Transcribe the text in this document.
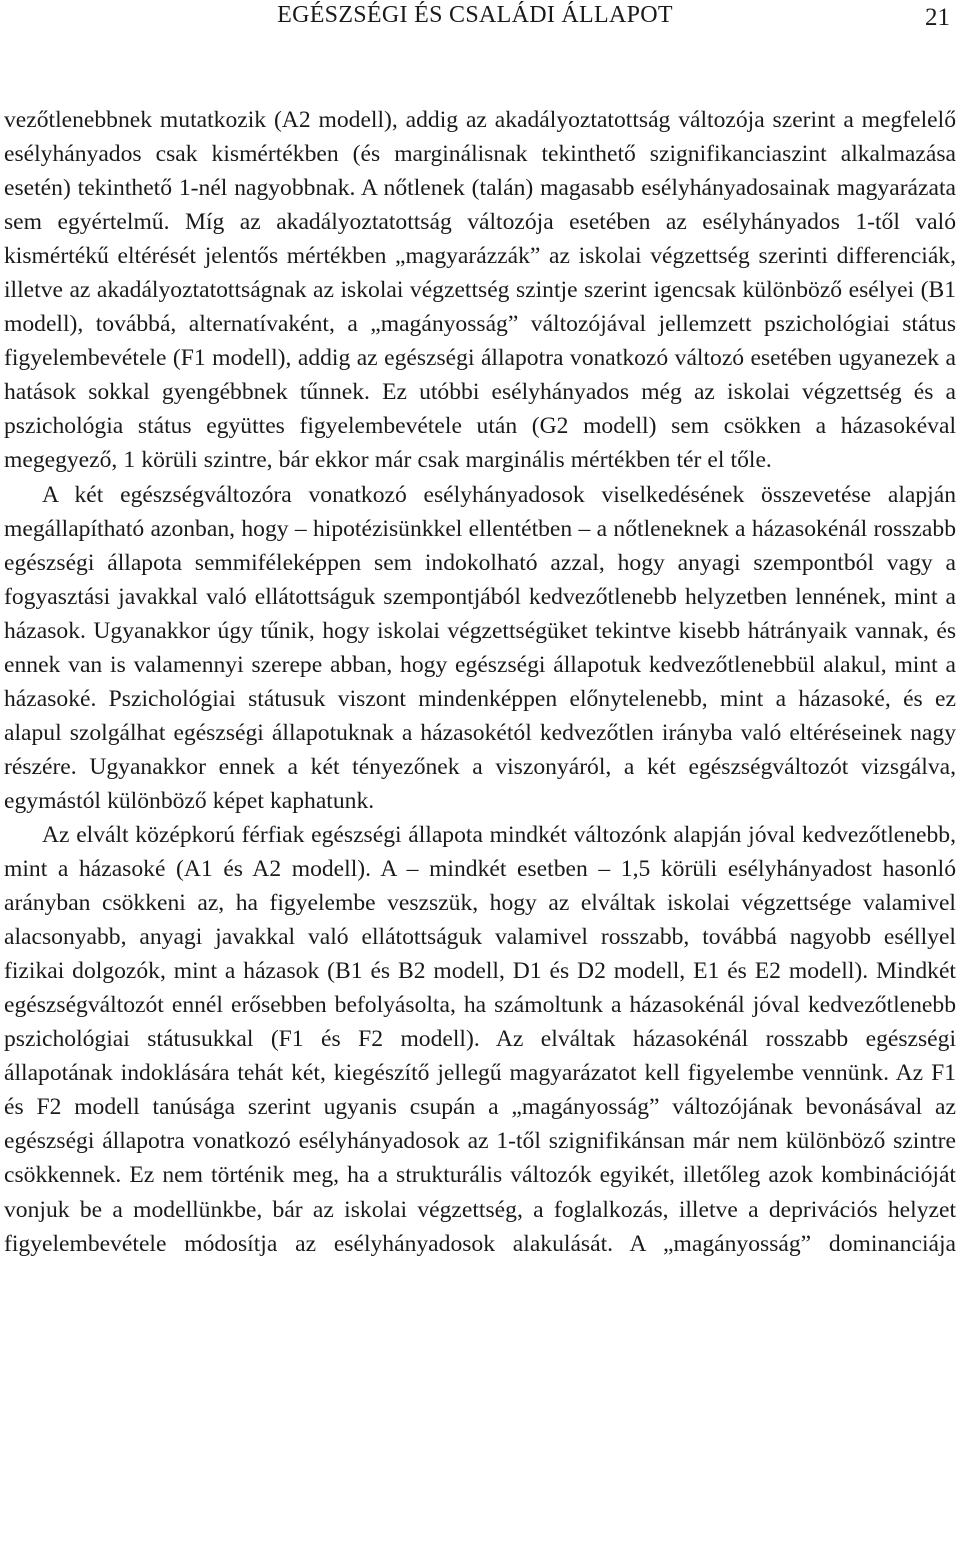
EGÉSZSÉGI ÉS CSALÁDI ÁLLAPOT	21

vezőtlenebbnek mutatkozik (A2 modell), addig az akadályoztatottság változója szerint a megfelelő esélyhányados csak kismértékben (és marginálisnak tekinthető szignifikanciaszint alkalmazása esetén) tekinthető 1-nél nagyobbnak. A nőtlenek (talán) magasabb esélyhányadosainak magyarázata sem egyértelmű. Míg az akadályoztatottság változója esetében az esélyhányados 1-től való kismértékű eltérését jelentős mértékben „magyarázzák” az iskolai végzettség szerinti differenciák, illetve az akadályoztatottságnak az iskolai végzettség szintje szerint igencsak különböző esélyei (B1 modell), továbbá, alternatívaként, a „magányosság” változójával jellemzett pszichológiai státus figyelembevétele (F1 modell), addig az egészségi állapotra vonatkozó változó esetében ugyanezek a hatások sokkal gyengébbnek tűnnek. Ez utóbbi esélyhányados még az iskolai végzettség és a pszichológia státus együttes figyelembevétele után (G2 modell) sem csökken a házasokéval megegyező, 1 körüli szintre, bár ekkor már csak marginális mértékben tér el tőle.

A két egészségváltozóra vonatkozó esélyhányadosok viselkedésének összevetése alapján megállapítható azonban, hogy – hipotézisünkkel ellentétben – a nőtleneknek a házasokénál rosszabb egészségi állapota semmiféleképpen sem indokolható azzal, hogy anyagi szempontból vagy a fogyasztási javakkal való ellátottságuk szempontjából kedvezőtlenebb helyzetben lennének, mint a házasok. Ugyanakkor úgy tűnik, hogy iskolai végzettségüket tekintve kisebb hátrányaik vannak, és ennek van is valamennyi szerepe abban, hogy egészségi állapotuk kedvezőtlenebbül alakul, mint a házasoké. Pszichológiai státusuk viszont mindenképpen előnytelenebb, mint a házasoké, és ez alapul szolgálhat egészségi állapotuknak a házasokétól kedvezőtlen irányba való eltéréseinek nagy részére. Ugyanakkor ennek a két tényezőnek a viszonyáról, a két egészségváltozót vizsgálva, egymástól különböző képet kaphatunk.

Az elvált középkorú férfiak egészségi állapota mindkét változónk alapján jóval kedvezőtlenebb, mint a házasoké (A1 és A2 modell). A – mindkét esetben – 1,5 körüli esélyhányadost hasonló arányban csökkeni az, ha figyelembe veszszük, hogy az elváltak iskolai végzettsége valamivel alacsonyabb, anyagi javakkal való ellátottságuk valamivel rosszabb, továbbá nagyobb eséllyel fizikai dolgozók, mint a házasok (B1 és B2 modell, D1 és D2 modell, E1 és E2 modell). Mindkét egészségváltozót ennél erősebben befolyásolta, ha számoltunk a házasokénál jóval kedvezőtlenebb pszichológiai státusukkal (F1 és F2 modell). Az elváltak házasokénál rosszabb egészségi állapotának indoklására tehát két, kiegészítő jellegű magyarázatot kell figyelembe vennünk. Az F1 és F2 modell tanúsága szerint ugyanis csupán a „magányosság” változójának bevonásával az egészségi állapotra vonatkozó esélyhányadosok az 1-től szignifikánsan már nem különböző szintre csökkennek. Ez nem történik meg, ha a strukturális változók egyikét, illetőleg azok kombinációját vonjuk be a modellünkbe, bár az iskolai végzettség, a foglalkozás, illetve a deprivációs helyzet figyelembevétele módosítja az esélyhányadosok alakulását. A „magányosság” dominanciája
